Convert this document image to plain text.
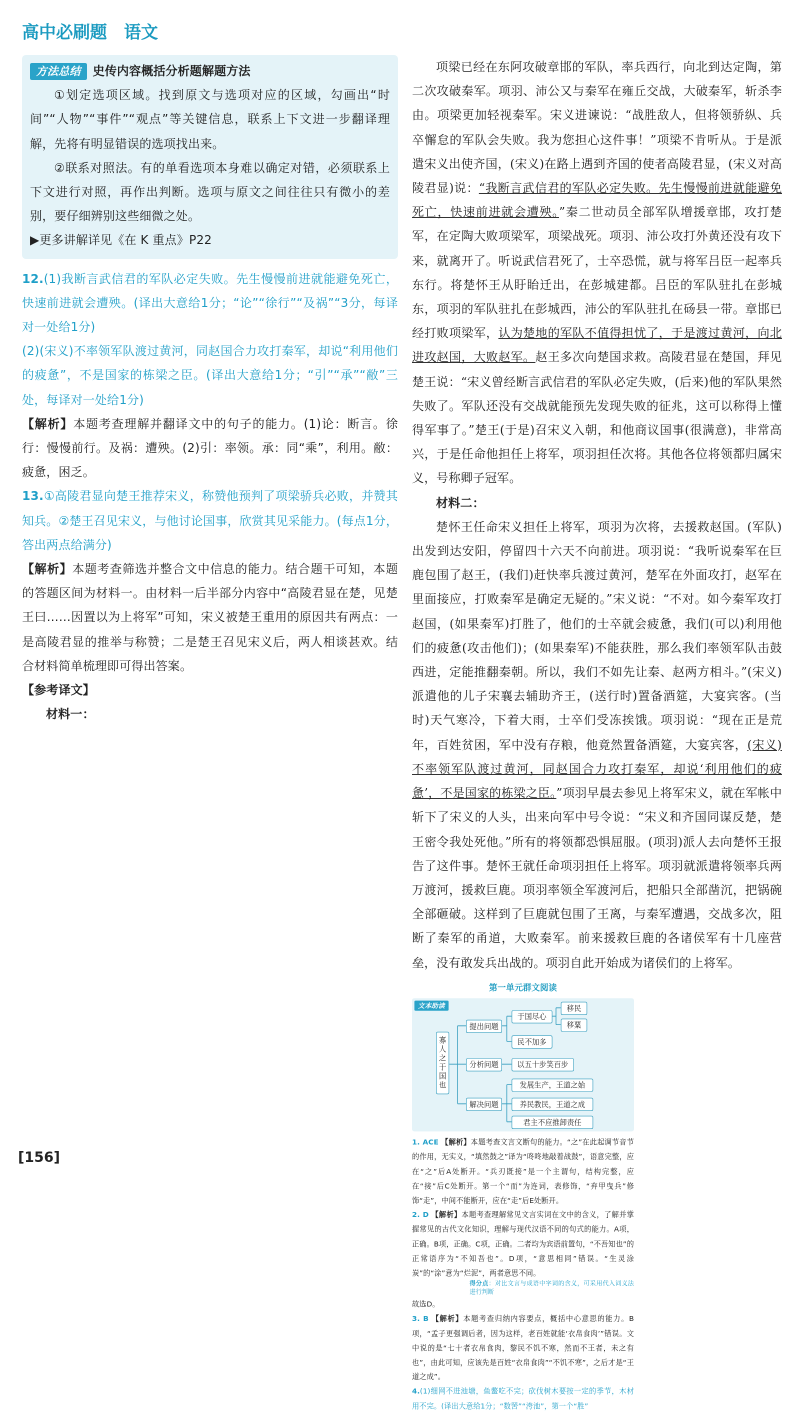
高中必刷题　语文

方法总结 史传内容概括分析题解题方法

①划定选项区域。找到原文与选项对应的区域，勾画出“时间”“人物”“事件”“观点”等关键信息，联系上下文进一步翻译理解，先将有明显错误的选项找出来。

②联系对照法。有的单看选项本身难以确定对错，必须联系上下文进行对照，再作出判断。选项与原文之间往往只有微小的差别，要仔细辨别这些细微之处。

▶更多讲解详见《在 K 重点》P22

12.(1)我断言武信君的军队必定失败。先生慢慢前进就能避免死亡，快速前进就会遭殃。(译出大意给1分；“论”“徐行”“及祸”“3分，每译对一处给1分)

(2)(宋义)不率领军队渡过黄河，同赵国合力攻打秦军，却说“利用他们的疲惫”，不是国家的栋梁之臣。(译出大意给1分；“引”“承”“敝”三处，每译对一处给1分)

【解析】本题考查理解并翻译文中的句子的能力。(1)论：断言。徐行：慢慢前行。及祸：遭殃。(2)引：率领。承：同“乘”，利用。敝：疲惫，困乏。

13.①高陵君显向楚王推荐宋义，称赞他预判了项梁骄兵必败，并赞其知兵。②楚王召见宋义，与他讨论国事，欣赏其见采能力。(每点1分，答出两点给满分)

【解析】本题考查筛选并整合文中信息的能力。结合题干可知，本题的答题区间为材料一。由材料一后半部分内容中“高陵君显在楚，见楚王曰……因置以为上将军”可知，宋义被楚王重用的原因共有两点：一是高陵君显的推举与称赞；二是楚王召见宋义后，两人相谈甚欢。结合材料简单梳理即可得出答案。

【参考译文】

材料一：

第一单元群文阅读
文本助读
寡人之于国也
提出问题
于国尽心
移民
移粟
民不加多
分析问题	以五十步笑百步
解决问题
发展生产，王道之始
养民教民，王道之成
君主不应推卸责任

1. ACE 【解析】本题考查文言文断句的能力。“之”在此起调节音节的作用，无实义，“填然鼓之”译为“咚咚地敲着战鼓”，语意完整，应在“之”后A处断开。“兵刃既接”是一个主谓句，结构完整，应在“接”后C处断开。第一个“而”为连词，表修饰，“弃甲曳兵”修饰“走”，中间不能断开，应在“走”后E处断开。

2. D 【解析】本题考查理解常见文言实词在文中的含义，了解并掌握常见的古代文化知识，理解与现代汉语不同的句式的能力。A项，正确。B项，正确。C项，正确。二者均为宾语前置句，“不吾知也”的正常语序为“不知吾也”。D项，“意思相同”错误。“生灵涂炭”的“涂”意为“烂泥”，两者意思不同。

得分点：对比文言与成语中字词的含义，可采用代入词义法进行判断

故选D。

3. B 【解析】本题考查归纳内容要点，概括中心意思的能力。B项，“孟子更强调后者，因为这样，老百姓就能‘衣帛食肉’”错误。文中说的是“七十者衣帛食肉，黎民不饥不寒，然而不王者，未之有也”，由此可知，应该先是百姓“衣帛食肉”“不饥不寒”，之后才是“王道之成”。

4.(1)细网不进池塘，鱼鳖吃不完；砍伐树木要按一定的季节，木材用不完。(译出大意给1分；“数罟”“洿池”，第一个“胜”

[156]

项梁已经在东阿攻破章邯的军队，率兵西行，向北到达定陶，第二次攻破秦军。项羽、沛公又与秦军在雍丘交战，大破秦军，斩杀李由。项梁更加轻视秦军。宋义进谏说：“战胜敌人，但将领骄纵、兵卒懈怠的军队会失败。我为您担心这件事！”项梁不肯听从。于是派遣宋义出使齐国，(宋义)在路上遇到齐国的使者高陵君显，(宋义对高陵君显)说：“我断言武信君的军队必定失败。先生慢慢前进就能避免死亡，快速前进就会遭殃。”秦二世动员全部军队增援章邯，攻打楚军，在定陶大败项梁军，项梁战死。项羽、沛公攻打外黄还没有攻下来，就离开了。听说武信君死了，士卒恐慌，就与将军吕臣一起率兵东行。将楚怀王从盱眙迁出，在彭城建都。吕臣的军队驻扎在彭城东，项羽的军队驻扎在彭城西，沛公的军队驻扎在砀县一带。章邯已经打败项梁军，认为楚地的军队不值得担忧了，于是渡过黄河，向北进攻赵国，大败赵军。赵王多次向楚国求救。高陵君显在楚国，拜见楚王说：“宋义曾经断言武信君的军队必定失败，(后来)他的军队果然失败了。军队还没有交战就能预先发现失败的征兆，这可以称得上懂得军事了。”楚王(于是)召宋义入朝，和他商议国事(很满意)，非常高兴，于是任命他担任上将军，项羽担任次将。其他各位将领都归属宋义，号称卿子冠军。

材料二：

楚怀王任命宋义担任上将军，项羽为次将，去援救赵国。(军队)出发到达安阳，停留四十六天不向前进。项羽说：“我听说秦军在巨鹿包围了赵王，(我们)赶快率兵渡过黄河，楚军在外面攻打，赵军在里面接应，打败秦军是确定无疑的。”宋义说：“不对。如今秦军攻打赵国，(如果秦军)打胜了，他们的士卒就会疲惫，我们(可以)利用他们的疲惫(攻击他们)；(如果秦军)不能获胜，那么我们率领军队击鼓西进，定能推翻秦朝。所以，我们不如先让秦、赵两方相斗。”(宋义)派遣他的儿子宋襄去辅助齐王，(送行时)置备酒筵，大宴宾客。(当时)天气寒冷，下着大雨，士卒们受冻挨饿。项羽说：“现在正是荒年，百姓贫困，军中没有存粮，他竟然置备酒筵，大宴宾客，(宋义)不率领军队渡过黄河，同赵国合力攻打秦军，却说‘利用他们的疲惫’，不是国家的栋梁之臣。”项羽早晨去参见上将军宋义，就在军帐中斩下了宋义的人头，出来向军中号令说：“宋义和齐国同谋反楚，楚王密令我处死他。”所有的将领都恐惧屈服。(项羽)派人去向楚怀王报告了这件事。楚怀王就任命项羽担任上将军。项羽就派遣将领率兵两万渡河，援救巨鹿。项羽率领全军渡河后，把船只全部凿沉，把锅碗全部砸破。这样到了巨鹿就包围了王离，与秦军遭遇，交战多次，阻断了秦军的甬道，大败秦军。前来援救巨鹿的各诸侯军有十几座营垒，没有敢发兵出战的。项羽自此开始成为诸侯们的上将军。
